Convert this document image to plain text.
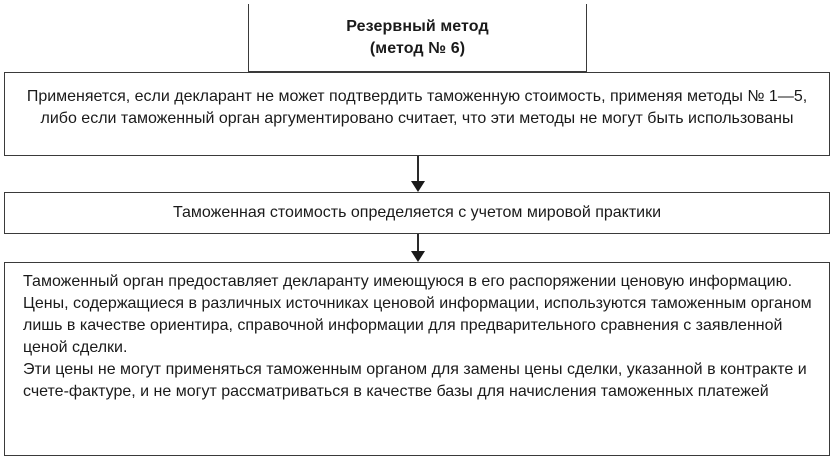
Резервный метод
(метод № 6)
Применяется, если декларант не может подтвердить таможенную стоимость, применяя методы № 1—5, либо если таможенный орган аргументировано считает, что эти методы не могут быть использованы
Таможенная стоимость определяется с учетом мировой практики

Таможенный орган предоставляет декларанту имеющуюся в его распоряжении ценовую информацию.

Цены, содержащиеся в различных источниках ценовой информации, используются таможенным органом лишь в качестве ориентира, справочной информации для предварительного сравнения с заявленной ценой сделки.

Эти цены не могут применяться таможенным органом для замены цены сделки, указанной в контракте и счете-фактуре, и не могут рассматриваться в качестве базы для начисления таможенных платежей
